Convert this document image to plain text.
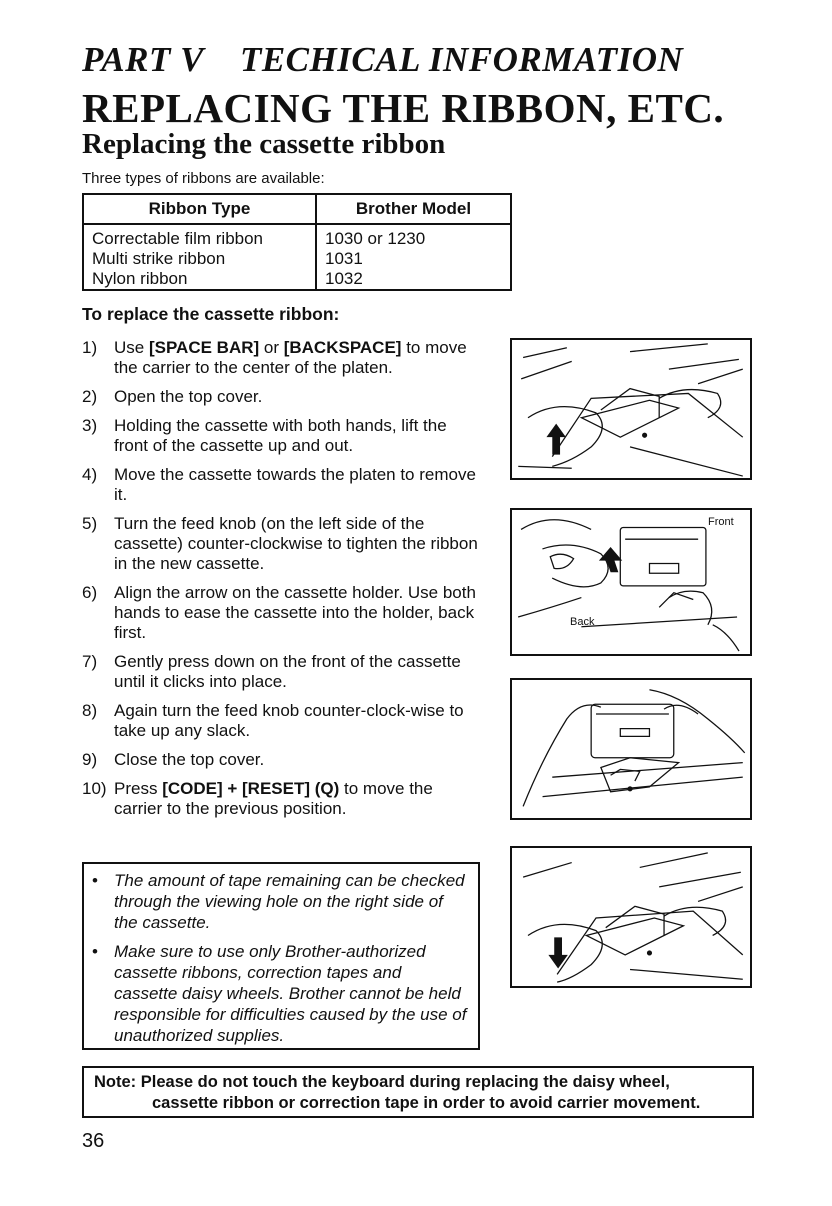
PART V TECHICAL INFORMATION
REPLACING THE RIBBON, ETC.
Replacing the cassette ribbon
Three types of ribbons are available:
Ribbon Type	Brother Model
Correctable film ribbon	1030 or 1230
Multi strike ribbon	1031
Nylon ribbon	1032
To replace the cassette ribbon:
1) Use [SPACE BAR] or [BACKSPACE] to move the carrier to the center of the platen.
2) Open the top cover.
3) Holding the cassette with both hands, lift the front of the cassette up and out.
4) Move the cassette towards the platen to remove it.
5) Turn the feed knob (on the left side of the cassette) counter-clockwise to tighten the ribbon in the new cassette.
6) Align the arrow on the cassette holder. Use both hands to ease the cassette into the holder, back first.
7) Gently press down on the front of the cassette until it clicks into place.
8) Again turn the feed knob counter-clock-wise to take up any slack.
9) Close the top cover.
10) Press [CODE] + [RESET] (Q) to move the carrier to the previous position.
• The amount of tape remaining can be checked through the viewing hole on the right side of the cassette.
• Make sure to use only Brother-authorized cassette ribbons, correction tapes and cassette daisy wheels. Brother cannot be held responsible for difficulties caused by the use of unauthorized supplies.
Front
Back
Note: Please do not touch the keyboard during replacing the daisy wheel,
cassette ribbon or correction tape in order to avoid carrier movement.
36
